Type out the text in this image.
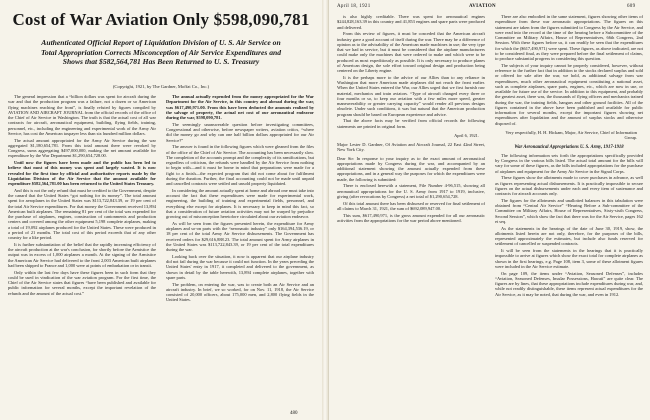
Cost of War Aviation Only $598,090,781
Authenticated Official Report of Liquidation Division of U. S. Air Service on Total Appropriation Corrects Misconception of Air Service Expenditures and Shows that $582,564,781 Has Been Returned to U. S. Treasury
(Copyright, 1921, by The Gardner, Moffat Co., Inc.)

The general impression that a “billion dollars was spent for aircraft during the war and that the production program was a failure, not a dozen or so American flying machines reaching the front”, is finally refuted by figures compiled by AVIATION AND AIRCRAFT JOURNAL from the official records of the office of the Chief of Air Service in Washington. The truth is that the actual cost of all war contracts for aircraft, aeronautical equipment, building, flying fields, training, personnel, etc., including the engineering and experimental work of the Army Air Service, has cost the American taxpayer less than six hundred million dollars.

The actual amount appropriated for the Army Air Service during the war aggregated $1,180,654,781. From this total amount there were revoked by Congress, sums aggregating $497,000,000, making the net amount available for expenditure by the War Department $1,290,654,728.00.

Until now the figures have been made and the public has been led to believe that most of this money was spent and largely wasted. It is now revealed for the first time by official and authoritative reports made by the Liquidation Division of the Air Service that the amount available for expenditure $582,564,781.00 has been returned to the United States Treasury.

And this is not the only refund that must be credited to the Government, despite the canard that the United States “got nothing for its money”. The total amount spent for aeroplanes in the United States was $113,722,843.39, or 19 per cent of the total Air Service expenditures. For that money the Government received 13,894 American built airplanes. The remaining 81 per cent of the total was expended for the purchase of airplanes, engines, construction of cantonments and production centers and covered among the other equipment 5,198 complete airplanes, making a total of 19,092 airplanes produced for the United States. These were produced in a period of 21 months. The total cost of this period exceeds that of any other country for a like period.

It is further substantiation of the belief that the rapidly increasing efficiency of the aircraft production at the war's conclusion, for shortly before the Armistice the output was in excess of 1,000 airplanes a month. At the signing of the Armistice the American Air Service had delivered to the front 2,003 American built airplanes had been shipped to France and 1,000 were at points of embarkation or in transit.

Only within the last few days have these figures been in such form that they could be used in vindication of the war aviation program. For the first time, the Chief of the Air Service states that figures “have been published and available for public information for several months, except the important revelation of the refunds and the amount of the actual cost.”

The annual actually expended from the money appropriated for the War Department for the Air Service, in this country and abroad during the war, was $617,490,971.00. From this have been deducted the amounts realized by the salvage of property, the actual net cost of our aeronautical endeavor during the war, $598,090,781.

The seemingly unanswerable question before investigating committees, Congressional and otherwise, before newspaper writers, aviation critics, “where did the money go and why can one half billion dollars appropriated for our Air Service?”

The answer is found in the following figures which were gleaned from the files of the office of the Chief of Air Service. The accounting has been necessarily slow. The completion of the accounts prompt and the complexity of its ramifications, but regardless of criticism, the refunds were handled by the Air Service from nothing to begin with—and it must be borne in mind that preparations were made for a fight to a finish—the expected program that did not come about for fulfilment during the duration. Further, the final accounting could not be made until unpaid and cancelled contracts were settled and unsold property liquidated.

In considering the amount actually spent at home and abroad one must take into account the fact that these expenditures were made for experimental work, engineering, the building of training and experimental fields, personnel, and everything else except for airplanes. It is necessary to keep in mind this fact, so that a consideration of future aviation activities may not be warped by prejudice growing out of misconception heretofore circulated about our aviation endeavor.

As will be seen from the figures presented herein, the expenditure for Army airplanes and so-on parts with the “aeronautic industry” only $164,394,536.19, or 18 per cent of the total Army Air Service disbursements. The Government has received orders for $29,616,888.23. The total amount spent for Army airplanes in the United States was $113,722,843.39, or 19 per cent of the total expenditures during the war.

Looking back over the situation, it now is apparent that our airplane industry did not fail during the war because it could not function. In the years preceding the United States' entry in 1917, it completed and delivered to the government, as shown in detail by the table herewith, 13,894 complete airplanes, together with spare parts.

The problem, on entering the war, was to create both an Air Service and an aircraft industry. In brief, we so worked, for on Nov. 11, 1918, the Air Service consisted of 20,000 officers, about 175,000 men, and 2,800 flying fields in the United States.

480
April 18, 1921	AVIATION	609

is also highly creditable. There was spent for aeronautical engines $244,828,163.39 in this country and 41,853 engines and spare parts were produced and delivered.

From this review of figures, it must be conceded that the American aircraft industry gave a good account of itself during the war. There may be a difference of opinion as to the advisability of the American made machines in use; the very type that we had in service, but it must be considered that the airplane manufacturers could make only the machines that were ordered to make and which were to be produced as most expeditiously as possible. It is only necessary to produce planes of American design, the sole effort toward original design and production being centered on the Liberty engine.

It is the perhaps more to the advice of our Allies than to any reliance in Washington that more American made airplanes did not reach the front earlier. When the United States entered the War, our Allies urged that we first furnish raw material, mechanics and train aviators. “Type of aircraft changed every three or four months or so, to keep our aviation with a few miles more speed, greater maneuverability or greater carrying capacity” would render all previous designs obsolete. Under such conditions, it was but natural that the American production program should be based on European experience and advice.

That the above facts may be verified from official records the following statements are printed in original form.

April 6, 1921.

Major Lester D. Gardner, Of Aviation and Aircraft Journal, 22 East 42nd Street, New York City.

Dear Sir: In response to your inquiry as to the exact amount of aeronautical appropriations made by Congress during the war, and accompanied by an additional statement showing the amount actually expended from these appropriations, and in a general way the purposes for which the expenditures were made, the following is submitted:

There is enclosed herewith a statement, File Number 4-96,515, showing all aeronautical appropriations for the U. S. Army from 1917 to 1919, inclusive, giving (after revocations by Congress) a net total of $1,290,654,728.

Of this total amount there has been disbursed or reserved for final settlement of all claims to March 31, 1921, the sum of $692,089,947.00.

This sum, $617,490,971, is the gross amount expended for all our aeronautic activities from the appropriations for the war period above mentioned.

There are also embodied in the same statement, figures showing other items of expenditure from these war aeronautic appropriations. The figures on this statement are taken from the figures submitted to Congress by the Air Service, and were read into the record at the time of the hearing before a Subcommittee of the Committee on Military Affairs, House of Representatives, 66th Congress, 2nd Session. With these figures before us, it can readily be seen that the expenditures for which the ($617,490,971) were spent. These figures, as above indicated, are not to be considered final, as they were prepared before the final settlement of claims, to produce substantial progress in considering this question.

The subjects of your inquiry cannot be properly considered, however, without reference to the further fact that in addition to the stocks declared surplus and sold or offered for sale after the war, we hold, as additional salvage from war expenditures, much other aeronautical equipment constituting a national asset, such as complete airplanes, spare parts, engines, etc., which are now in use, or available for future use of the service. In addition to this equipment, and probably the greatest asset, there was, the thousands of flying officers and mechanics trained during the war, the training fields, hangars and other ground facilities. All of the figures contained in the above have been published and available for public information for several months, except the important figures showing net expenditures after liquidation and the amount of surplus stocks and otherwise disposed of.

Very respectfully, H. H. Hickam, Major, Air Service, Chief of Information Group.

War Aeronautical Appropriations U. S. Army, 1917-1918

The following information sets forth the appropriations specifically provided by Congress in the various bills listed. The actual total amount for the bills will vary for some of these figures, as the bills included appropriations for the purchase of airplanes and equipment for the Army Air Service in the Signal Corps.

These figures show the allotments made to cover purchases in advance, as well as figures representing actual disbursements. It is practically impossible to secure figures on the actual disbursements under each and every item of sustenance and contracts for aircraft accounts only.

The figures for the allotments and unallotted balances in this tabulation were obtained from “Central Air Service” “Hearing Before a Sub-committee of the Committee on Military Affairs, House of Representatives, Sixty-sixth Congress, Second Session”, which show the fact that there was for the Air Service, pages 162 et seq.

As the statements in the hearings of the date of June 30, 1919, show, the allotments listed herein are not only, therefore, for the purposes of the bills, represented approximately the estimates, but include also funds reserved for settlement of cancelled or suspended contracts.

It will be seen from the statements in the hearings that it is practically impossible to arrive at figures which show the exact total for complete airplanes as shown in the first hearings, e.g. Page 108, item 3, some of these allotment figures were included in the Air Service estimate.

On page 109, the items under “Aviation, Seasoned Defenses”, includes “Aviation, Seasoned Defenses, Insular Possessions, Hawaii” are quite clear. The figures are by lines, that these appropriations include expenditures during war, and, while not readily distinguishable, these items represent actual expenditures for the Air Service, as it may be noted, that during the war, and even in 1912.
